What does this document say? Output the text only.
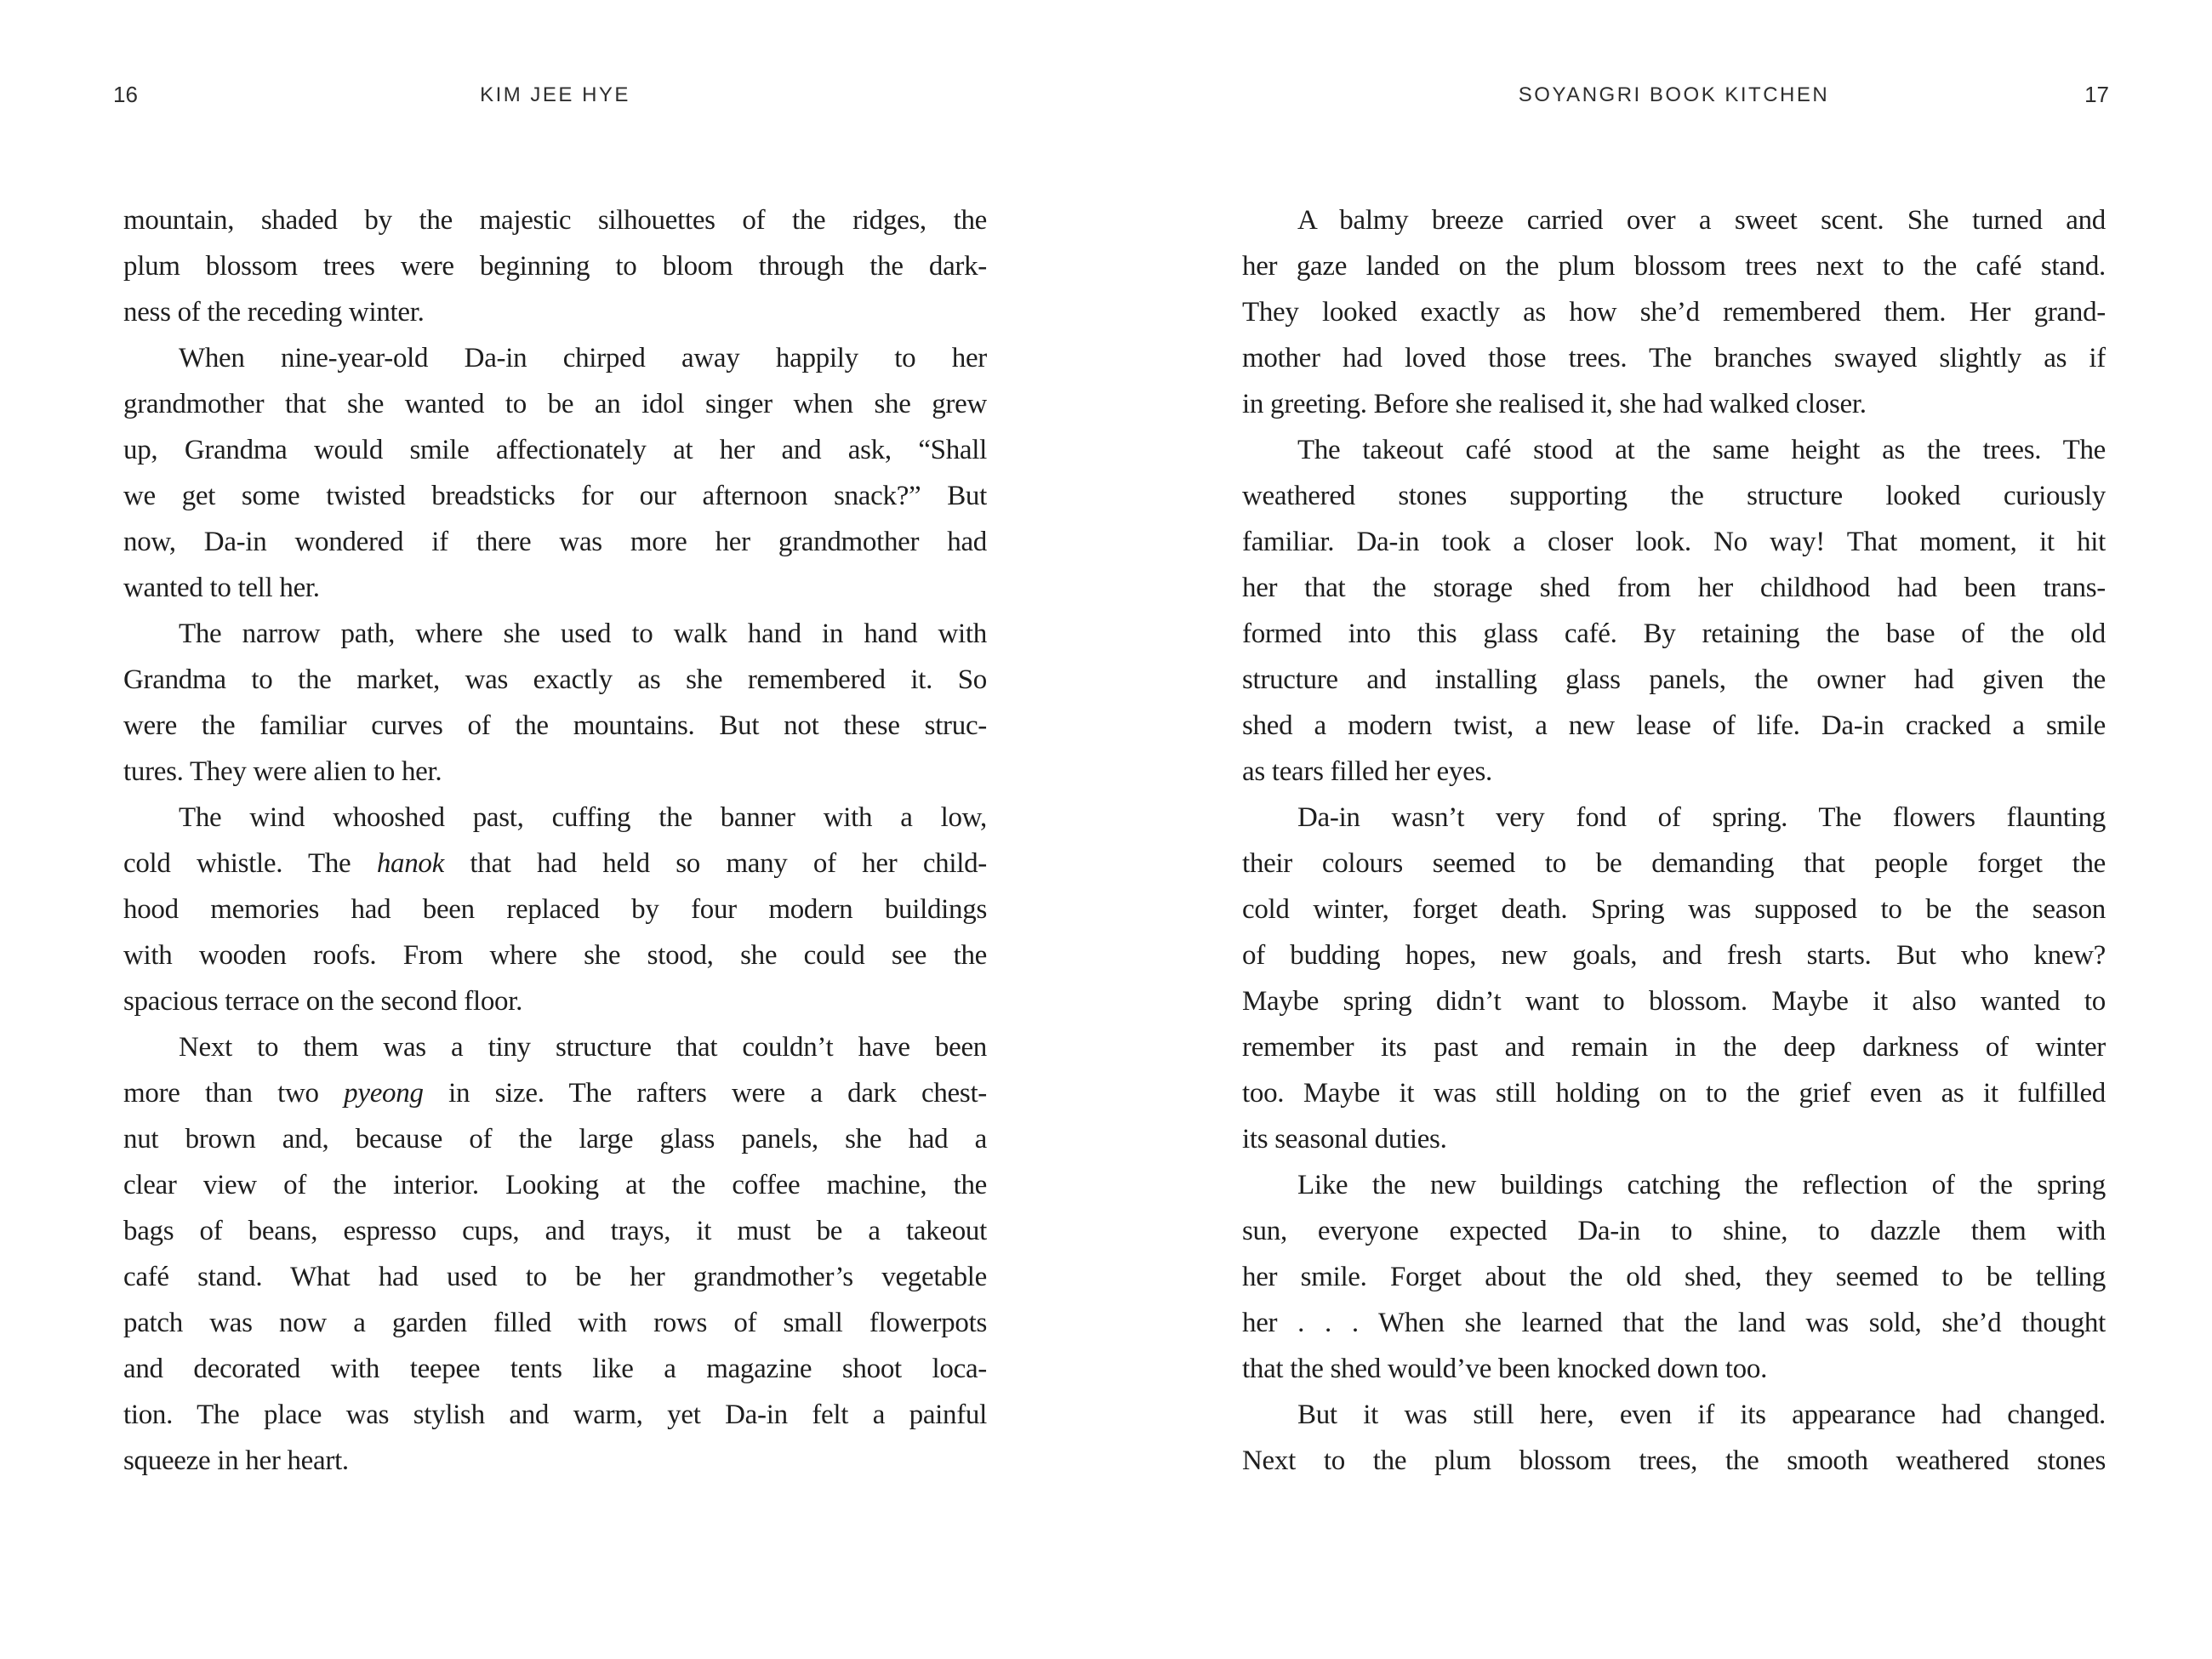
16	KIM JEE HYE
mountain, shaded by the majestic silhouettes of the ridges, the
plum blossom trees were beginning to bloom through the dark-
ness of the receding winter.
When nine-year-old Da-in chirped away happily to her
grandmother that she wanted to be an idol singer when she grew
up, Grandma would smile affectionately at her and ask, “Shall
we get some twisted breadsticks for our afternoon snack?” But
now, Da-in wondered if there was more her grandmother had
wanted to tell her.
The narrow path, where she used to walk hand in hand with
Grandma to the market, was exactly as she remembered it. So
were the familiar curves of the mountains. But not these struc-
tures. They were alien to her.
The wind whooshed past, cuffing the banner with a low,
cold whistle. The hanok that had held so many of her child-
hood memories had been replaced by four modern buildings
with wooden roofs. From where she stood, she could see the
spacious terrace on the second floor.
Next to them was a tiny structure that couldn’t have been
more than two pyeong in size. The rafters were a dark chest-
nut brown and, because of the large glass panels, she had a
clear view of the interior. Looking at the coffee machine, the
bags of beans, espresso cups, and trays, it must be a takeout
café stand. What had used to be her grandmother’s vegetable
patch was now a garden filled with rows of small flowerpots
and decorated with teepee tents like a magazine shoot loca-
tion. The place was stylish and warm, yet Da-in felt a painful
squeeze in her heart.
SOYANGRI BOOK KITCHEN	17
A balmy breeze carried over a sweet scent. She turned and
her gaze landed on the plum blossom trees next to the café stand.
They looked exactly as how she’d remembered them. Her grand-
mother had loved those trees. The branches swayed slightly as if
in greeting. Before she realised it, she had walked closer.
The takeout café stood at the same height as the trees. The
weathered stones supporting the structure looked curiously
familiar. Da-in took a closer look. No way! That moment, it hit
her that the storage shed from her childhood had been trans-
formed into this glass café. By retaining the base of the old
structure and installing glass panels, the owner had given the
shed a modern twist, a new lease of life. Da-in cracked a smile
as tears filled her eyes.
Da-in wasn’t very fond of spring. The flowers flaunting
their colours seemed to be demanding that people forget the
cold winter, forget death. Spring was supposed to be the season
of budding hopes, new goals, and fresh starts. But who knew?
Maybe spring didn’t want to blossom. Maybe it also wanted to
remember its past and remain in the deep darkness of winter
too. Maybe it was still holding on to the grief even as it fulfilled
its seasonal duties.
Like the new buildings catching the reflection of the spring
sun, everyone expected Da-in to shine, to dazzle them with
her smile. Forget about the old shed, they seemed to be telling
her . . . When she learned that the land was sold, she’d thought
that the shed would’ve been knocked down too.
But it was still here, even if its appearance had changed.
Next to the plum blossom trees, the smooth weathered stones
